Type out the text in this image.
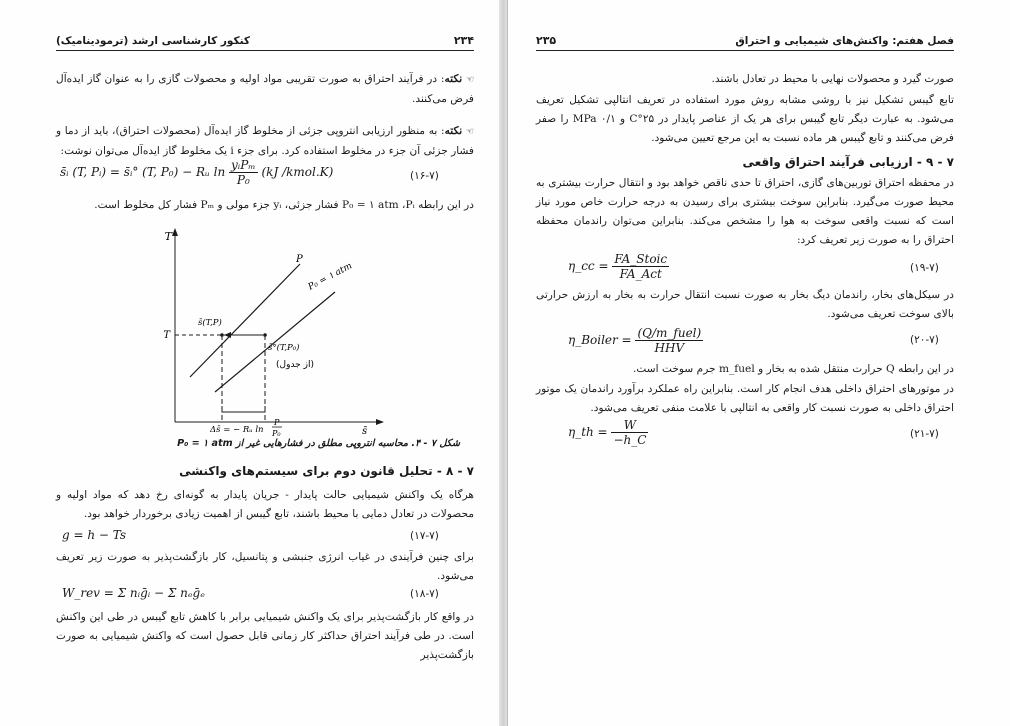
۲۳۴
کنکور کارشناسی ارشد (ترمودینامیک)
☜ نکته: در فرآیند احتراق به صورت تقریبی مواد اولیه و محصولات گازی را به عنوان گاز ایده‌آل فرض می‌کنند.
☜ نکته: به منظور ارزیابی انتروپی جزئی از مخلوط گاز ایده‌آل (محصولات احتراق)، باید از دما و فشار جزئی آن جزء در مخلوط استفاده کرد. برای جزء i یک مخلوط گاز ایده‌آل می‌توان نوشت:
s̄ᵢ (T, Pᵢ) = s̄ᵢ° (T, P₀) − Rᵤ $\ln \frac{\text{yᵢPₘ}}{\text{P₀}} (kJ$ /kmol.K)	(۱۶-۷)
در این رابطه P₀ = ۱ atm ،Pᵢ فشار جزئی، yᵢ جزء مولی و Pₘ فشار کل مخلوط است.
T
s̄
P
P₀ = ۱ atm
T
s̄(T,P)
s̄°(T,P₀)
(از جدول)
Δs̄ = − Rᵤ ln
P
P₀
شکل ۷ - ۴. محاسبه انتروپی مطلق در فشارهایی غیر از P₀ = ۱ atm
۷ - ۸ - تحلیل قانون دوم برای سیستم‌های واکنشی
هرگاه یک واکنش شیمیایی حالت پایدار - جریان پایدار به گونه‌ای رخ دهد که مواد اولیه و محصولات در تعادل دمایی با محیط باشند، تابع گیبس از اهمیت زیادی برخوردار خواهد بود.
g = h − Ts	(۱۷-۷)
برای چنین فرآیندی در غیاب انرژی جنبشی و پتانسیل، کار بازگشت‌پذیر به صورت زیر تعریف می‌شود.
W_rev = Σ nᵢḡᵢ − Σ nₑḡₑ	(۱۸-۷)
در واقع کار بازگشت‌پذیر برای یک واکنش شیمیایی برابر با کاهش تابع گیبس در طی این واکنش است. در طی فرآیند احتراق حداکثر کار زمانی قابل حصول است که واکنش شیمیایی به صورت بازگشت‌پذیر
۲۳۵	فصل هفتم: واکنش‌های شیمیایی و احتراق
صورت گیرد و محصولات نهایی با محیط در تعادل باشند.
تابع گیبس تشکیل نیز با روشی مشابه روش مورد استفاده در تعریف انتالپی تشکیل تعریف می‌شود. به عبارت دیگر تابع گیبس برای هر یک از عناصر پایدار در ۲۵°C و ۰/۱ MPa را صفر فرض می‌کنند و تابع گیبس هر ماده نسبت به این مرجع تعیین می‌شود.
۷ - ۹ - ارزیابی فرآیند احتراق واقعی
در محفظه احتراق توربین‌های گازی، احتراق تا حدی ناقص خواهد بود و انتقال حرارت بیشتری به محیط صورت می‌گیرد. بنابراین سوخت بیشتری برای رسیدن به درجه حرارت خاص مورد نیاز است که نسبت واقعی سوخت به هوا را مشخص می‌کند. بنابراین می‌توان راندمان محفظه احتراق را به صورت زیر تعریف کرد:
η_cc = $\frac{\text{FA\_Stoic}}{\text{FA\_Act}}$	(۱۹-۷)
در سیکل‌های بخار، راندمان دیگ بخار به صورت نسبت انتقال حرارت به بخار به ارزش حرارتی بالای سوخت تعریف می‌شود.
η_Boiler = $\frac{\text{(Q/m\_fuel)}}{\text{HHV}}$	(۲۰-۷)
در این رابطه Q حرارت منتقل شده به بخار و m_fuel جرم سوخت است.
در موتورهای احتراق داخلی هدف انجام کار است. بنابراین راه عملکرد برآورد راندمان یک موتور احتراق داخلی به صورت نسبت کار واقعی به انتالپی با علامت منفی تعریف می‌شود.
η_th = $\frac{W}{-h\_C}$	(۲۱-۷)
